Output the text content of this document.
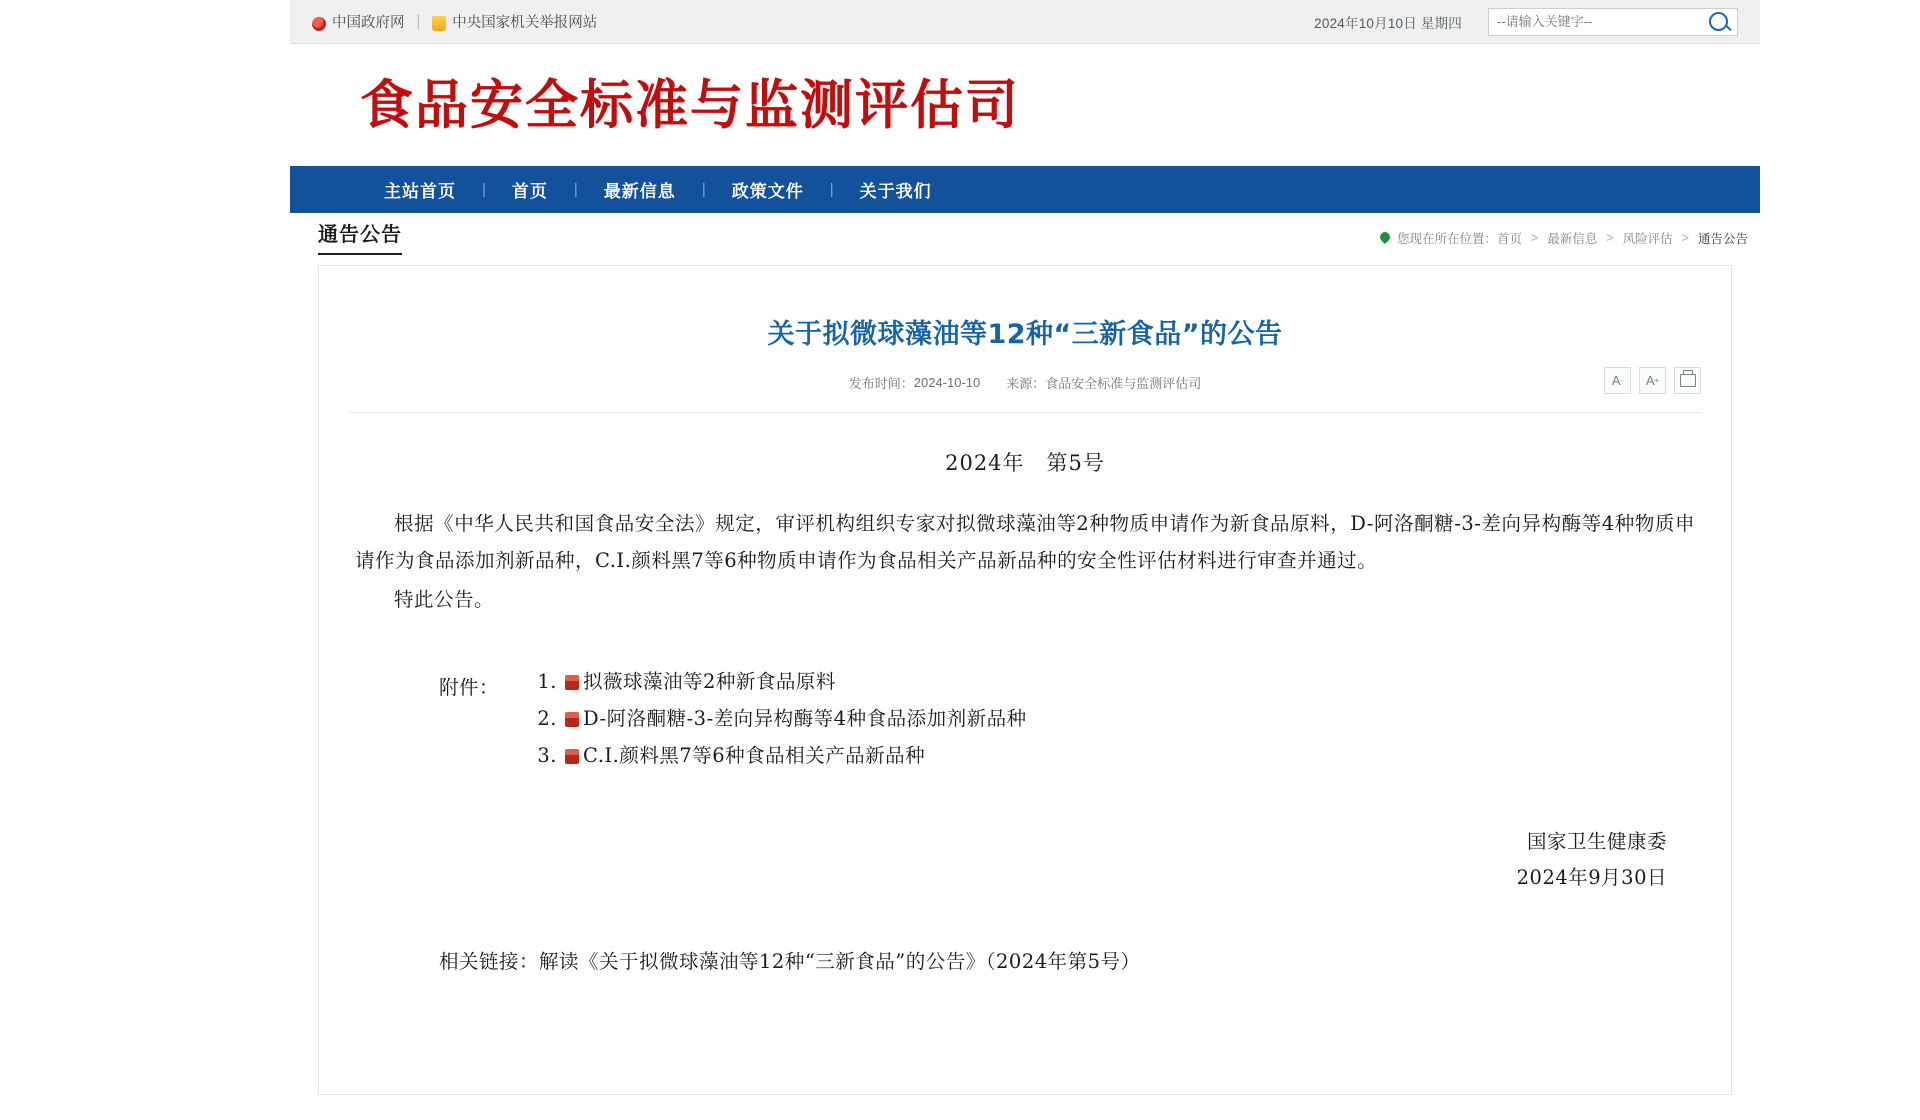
中国政府网 | 中央国家机关举报网站	2024年10月10日 星期四
--请输入关键字--
食品安全标准与监测评估司
主站首页	|	首页	|	最新信息	|	政策文件	|	关于我们
通告公告	您现在所在位置： 首页 > 最新信息 > 风险评估 > 通告公告
关于拟微球藻油等12种“三新食品”的公告
发布时间： 2024-10-10 来源： 食品安全标准与监测评估司	A - A +
2024年　第5号
根据《中华人民共和国食品安全法》规定，审评机构组织专家对拟微球藻油等2种物质申请作为新食品原料，D-阿洛酮糖-3-差向异构酶等4种物质申请作为食品添加剂新品种，C.I.颜料黑7等6种物质申请作为食品相关产品新品种的安全性评估材料进行审查并通过。
特此公告。
附件：	1.	拟薇球藻油等2种新食品原料
2.	D-阿洛酮糖-3-差向异构酶等4种食品添加剂新品种
3.	C.I.颜料黑7等6种食品相关产品新品种
国家卫生健康委
2024年9月30日
相关链接：解读《关于拟微球藻油等12种“三新食品”的公告》（2024年第5号）
